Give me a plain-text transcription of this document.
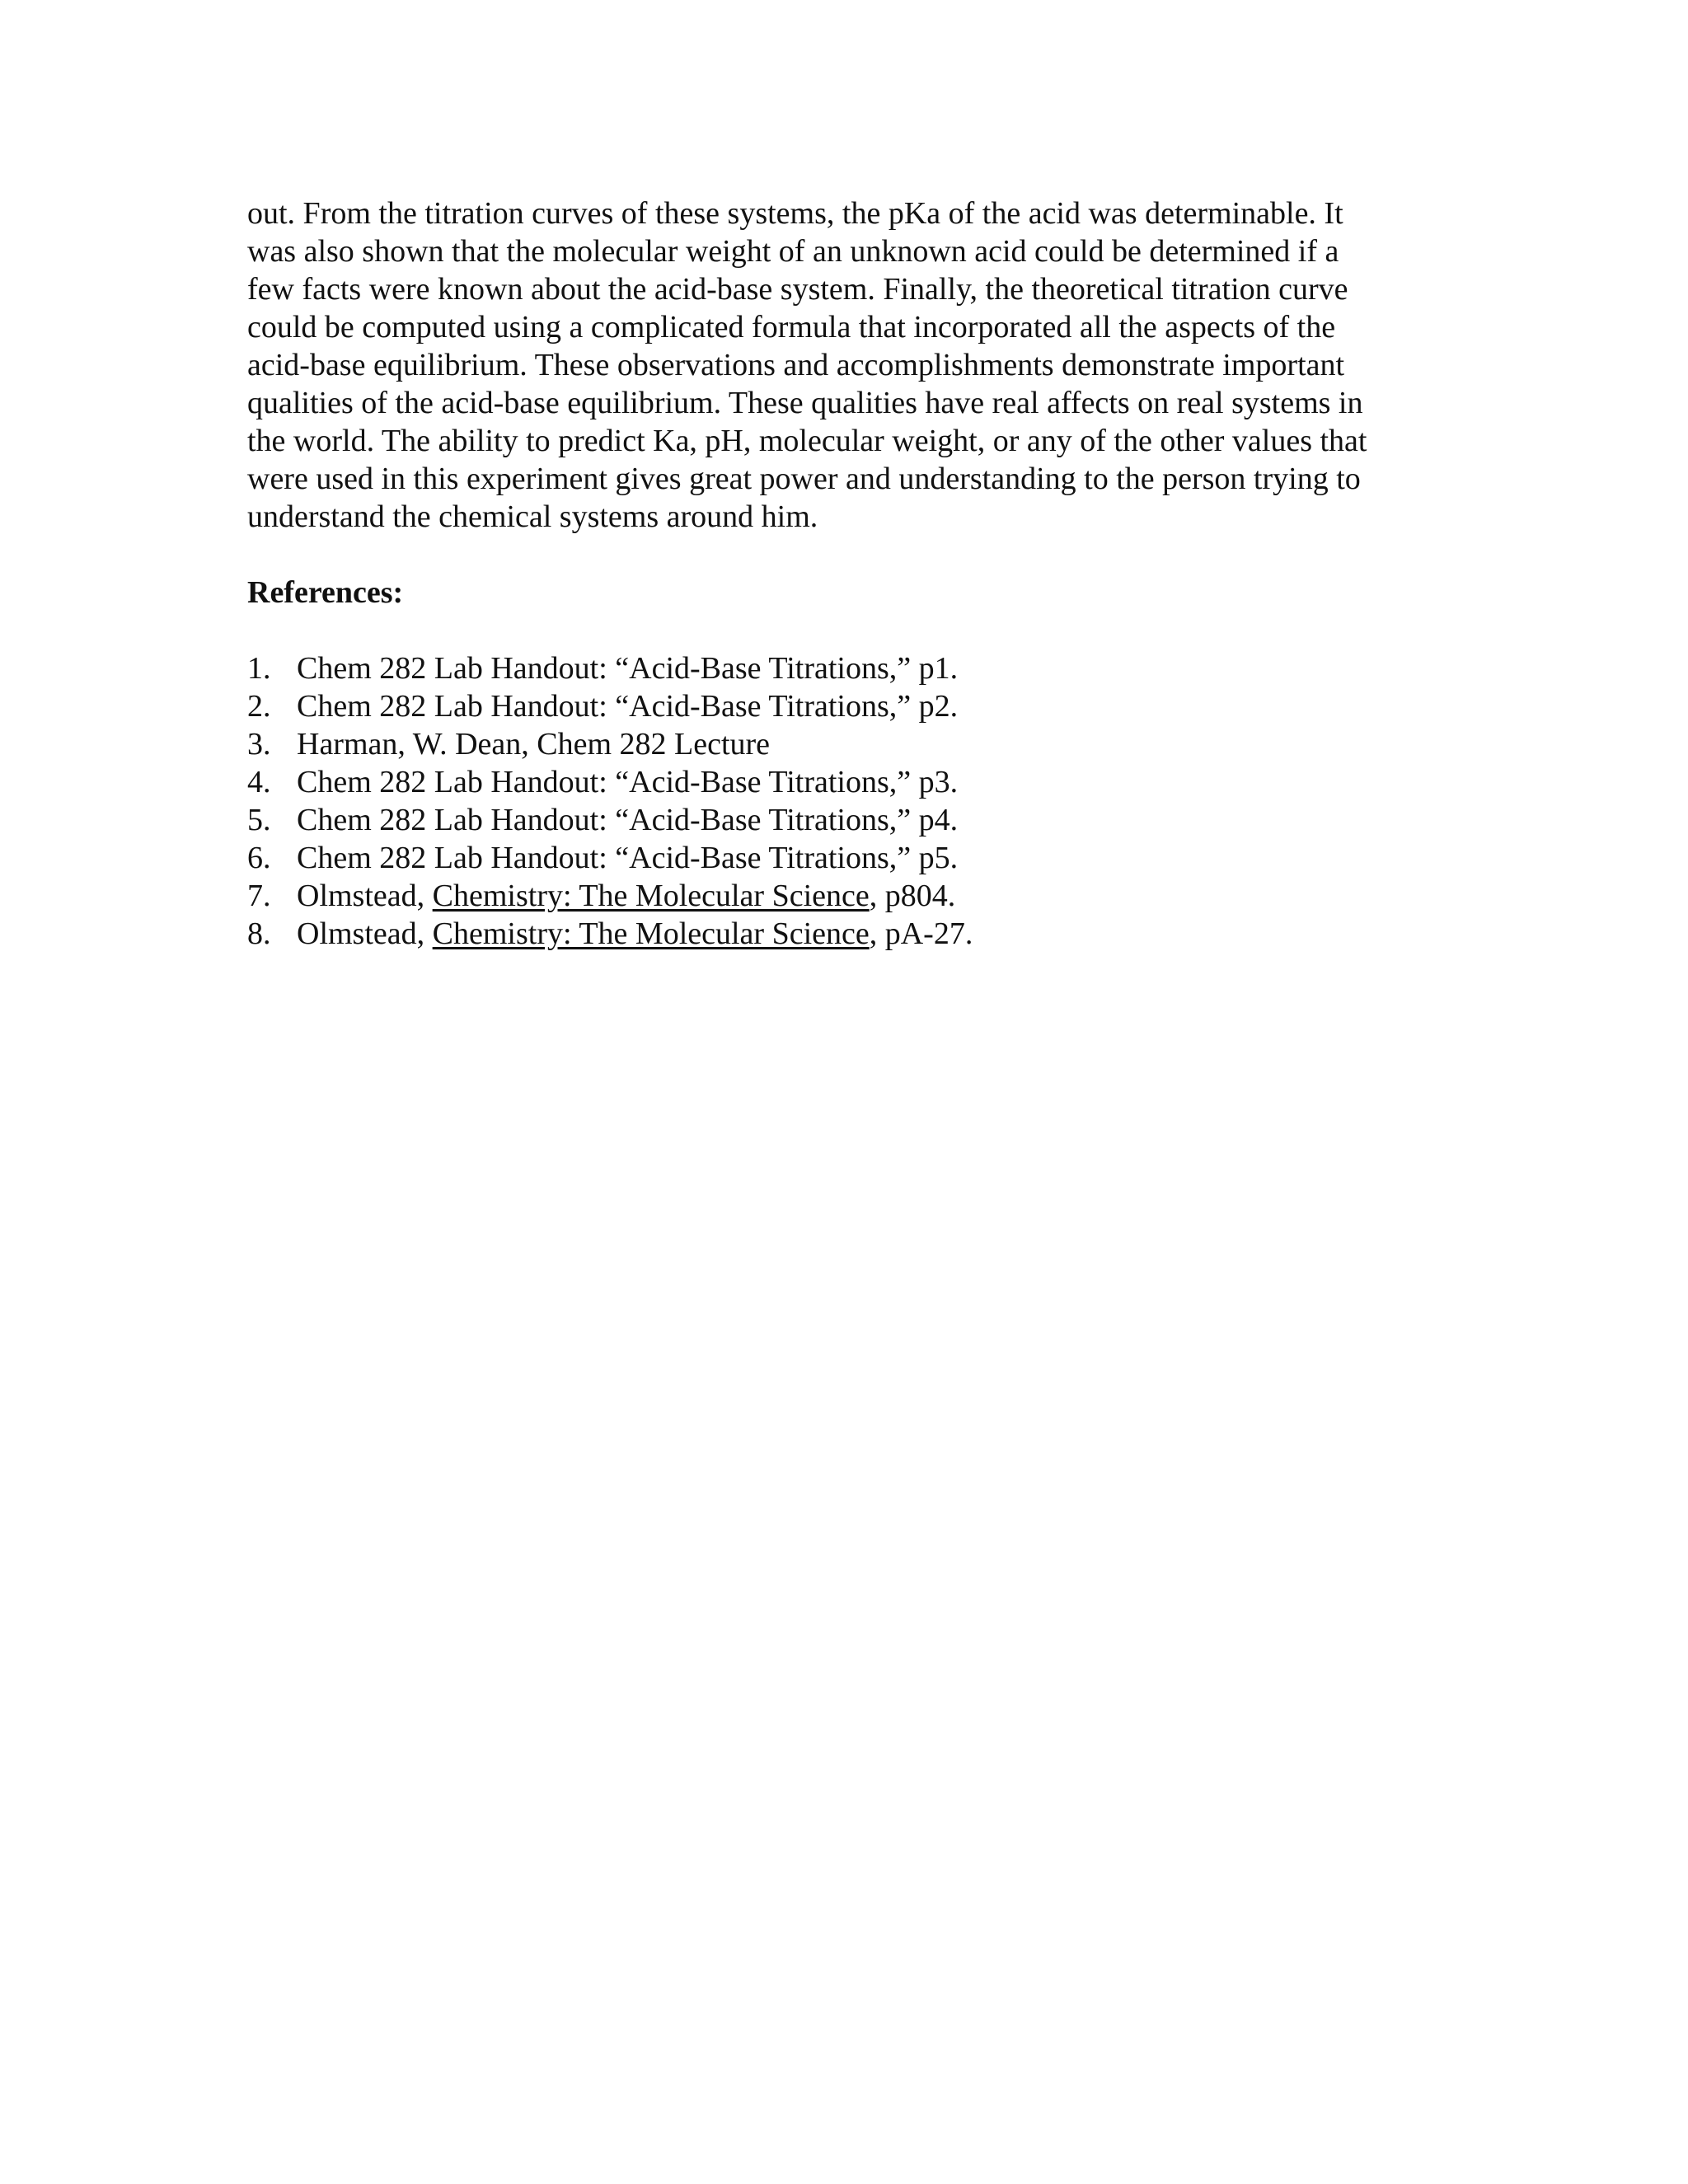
out. From the titration curves of these systems, the pKa of the acid was determinable. It
was also shown that the molecular weight of an unknown acid could be determined if a
few facts were known about the acid-base system. Finally, the theoretical titration curve
could be computed using a complicated formula that incorporated all the aspects of the
acid-base equilibrium. These observations and accomplishments demonstrate important
qualities of the acid-base equilibrium. These qualities have real affects on real systems in
the world. The ability to predict Ka, pH, molecular weight, or any of the other values that
were used in this experiment gives great power and understanding to the person trying to
understand the chemical systems around him.

References:
1. Chem 282 Lab Handout: “Acid-Base Titrations,” p1.
2. Chem 282 Lab Handout: “Acid-Base Titrations,” p2.
3. Harman, W. Dean, Chem 282 Lecture
4. Chem 282 Lab Handout: “Acid-Base Titrations,” p3.
5. Chem 282 Lab Handout: “Acid-Base Titrations,” p4.
6. Chem 282 Lab Handout: “Acid-Base Titrations,” p5.
7. Olmstead, Chemistry: The Molecular Science, p804.
8. Olmstead, Chemistry: The Molecular Science, pA-27.
